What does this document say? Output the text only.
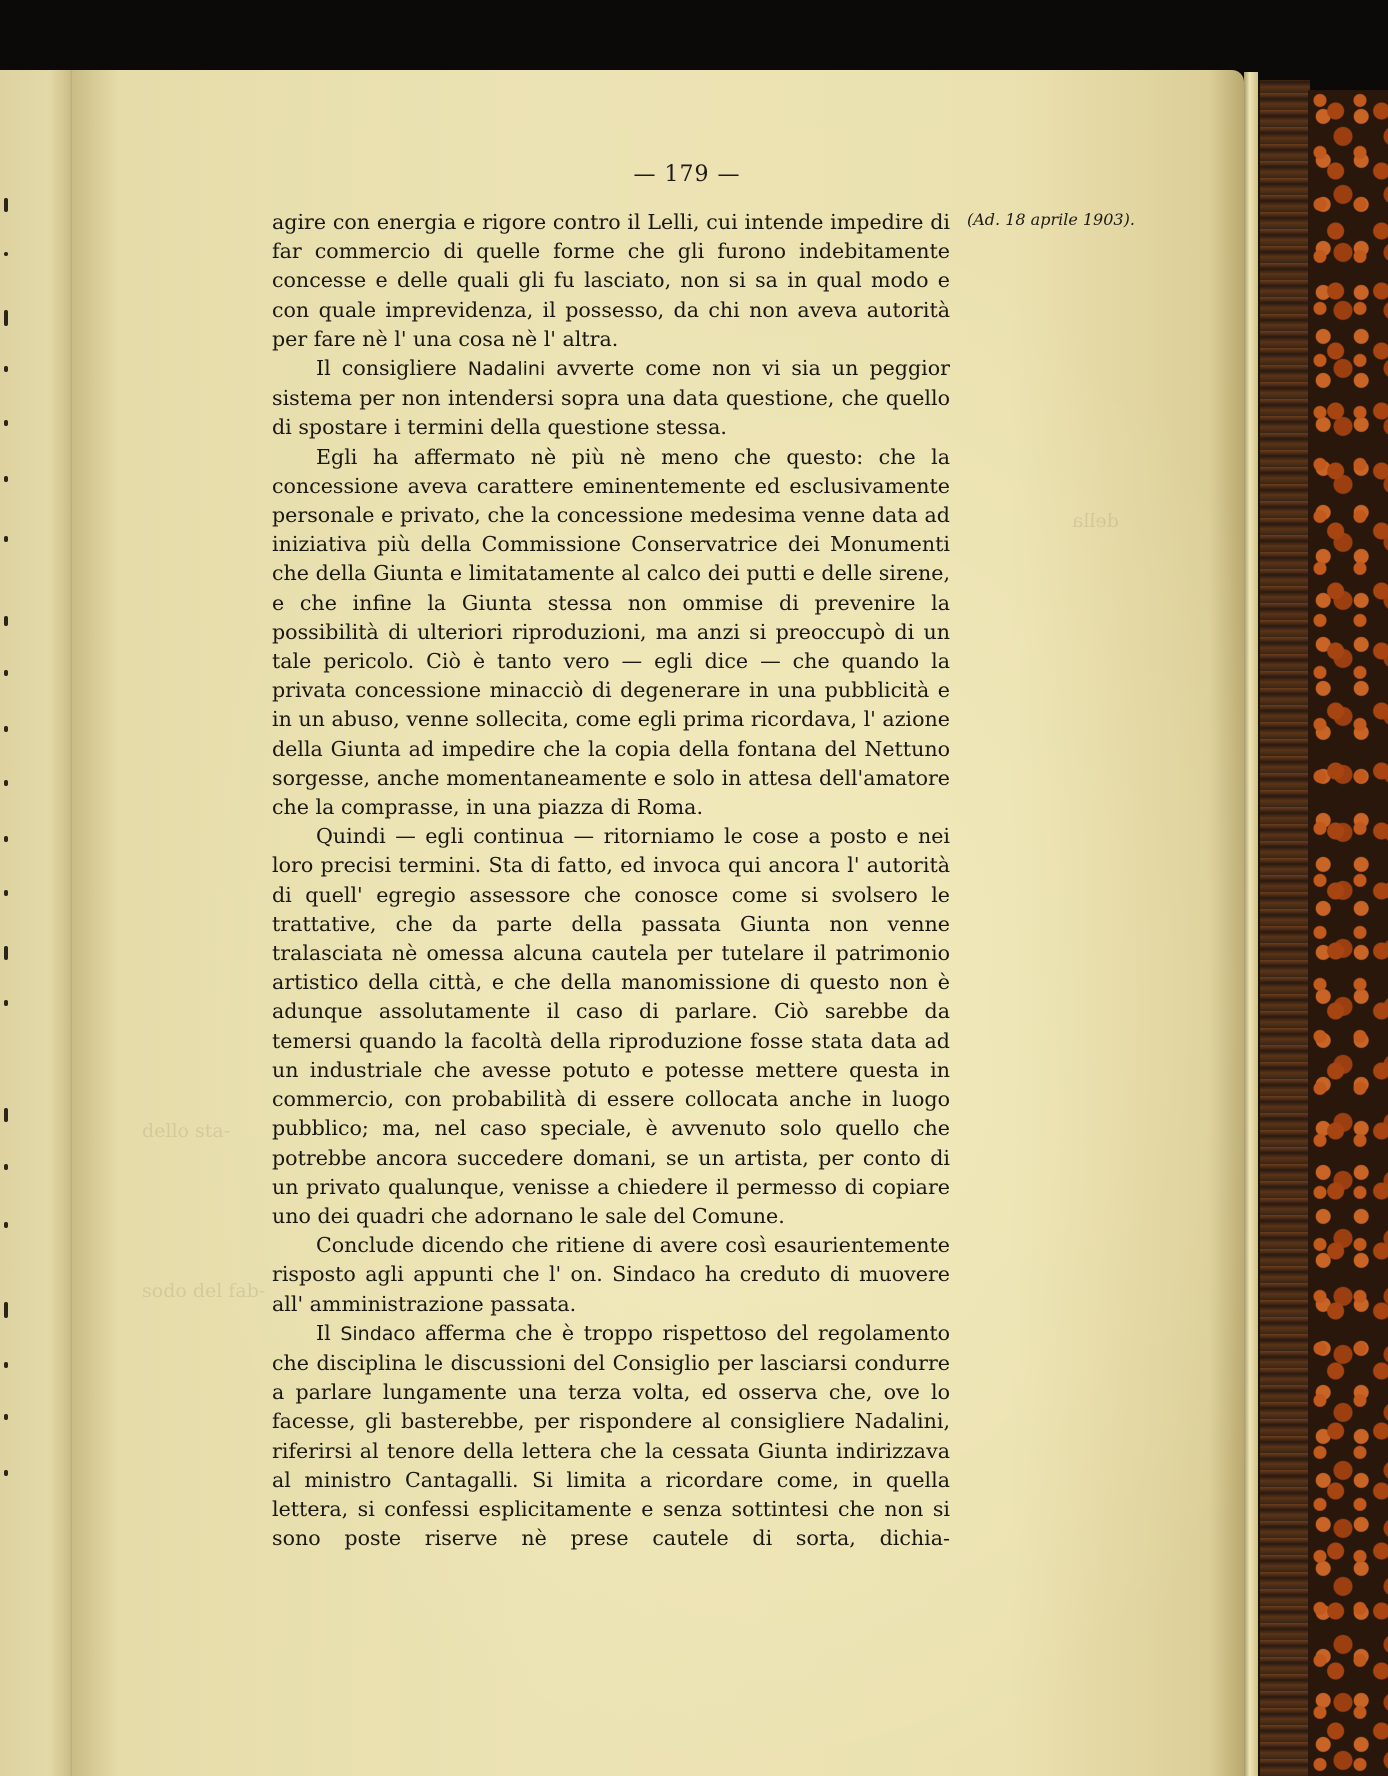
dello sta-
sodo del fab-
della
— 179 —
(Ad. 18 aprile 1903).

agire con energia e rigore contro il Lelli, cui intende impedire di far commercio di quelle forme che gli furono indebitamente concesse e delle quali gli fu lasciato, non si sa in qual modo e con quale imprevidenza, il possesso, da chi non aveva autorità per fare nè l' una cosa nè l' altra.

Il consigliere Nadalini avverte come non vi sia un peggior sistema per non intendersi sopra una data questione, che quello di spostare i termini della questione stessa.

Egli ha affermato nè più nè meno che questo: che la concessione aveva carattere eminentemente ed esclusivamente personale e privato, che la concessione medesima venne data ad iniziativa più della Commissione Conservatrice dei Monumenti che della Giunta e limitatamente al calco dei putti e delle sirene, e che infine la Giunta stessa non ommise di prevenire la possibilità di ulteriori riproduzioni, ma anzi si preoccupò di un tale pericolo. Ciò è tanto vero — egli dice — che quando la privata concessione minacciò di degenerare in una pubblicità e in un abuso, venne sollecita, come egli prima ricordava, l' azione della Giunta ad impedire che la copia della fontana del Nettuno sorgesse, anche momentaneamente e solo in attesa dell'amatore che la comprasse, in una piazza di Roma.

Quindi — egli continua — ritorniamo le cose a posto e nei loro precisi termini. Sta di fatto, ed invoca qui ancora l' autorità di quell' egregio assessore che conosce come si svolsero le trattative, che da parte della passata Giunta non venne tralasciata nè omessa alcuna cautela per tutelare il patrimonio artistico della città, e che della manomissione di questo non è adunque assolutamente il caso di parlare. Ciò sarebbe da temersi quando la facoltà della riproduzione fosse stata data ad un industriale che avesse potuto e potesse mettere questa in commercio, con probabilità di essere collocata anche in luogo pubblico; ma, nel caso speciale, è avvenuto solo quello che potrebbe ancora succedere domani, se un artista, per conto di un privato qualunque, venisse a chiedere il permesso di copiare uno dei quadri che adornano le sale del Comune.

Conclude dicendo che ritiene di avere così esaurientemente risposto agli appunti che l' on. Sindaco ha creduto di muovere all' amministrazione passata.

Il Sindaco afferma che è troppo rispettoso del regolamento che disciplina le discussioni del Consiglio per lasciarsi condurre a parlare lungamente una terza volta, ed osserva che, ove lo facesse, gli basterebbe, per rispondere al consigliere Nadalini, riferirsi al tenore della lettera che la cessata Giunta indirizzava al ministro Cantagalli. Si limita a ricordare come, in quella lettera, si confessi esplicitamente e senza sottintesi che non si sono poste riserve nè prese cautele di sorta, dichia-
